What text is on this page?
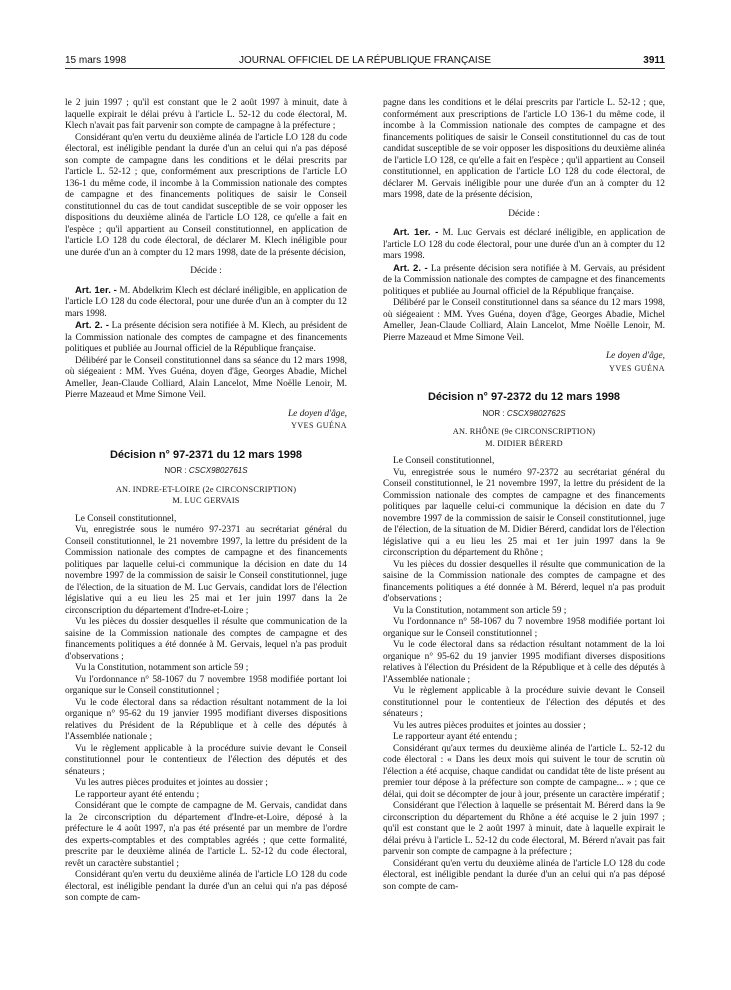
15 mars 1998	JOURNAL OFFICIEL DE LA RÉPUBLIQUE FRANÇAISE	3911

le 2 juin 1997 ; qu'il est constant que le 2 août 1997 à minuit, date à laquelle expirait le délai prévu à l'article L. 52-12 du code électoral, M. Klech n'avait pas fait parvenir son compte de campagne à la préfecture ;

Considérant qu'en vertu du deuxième alinéa de l'article LO 128 du code électoral, est inéligible pendant la durée d'un an celui qui n'a pas déposé son compte de campagne dans les conditions et le délai prescrits par l'article L. 52-12 ; que, conformément aux prescriptions de l'article LO 136-1 du même code, il incombe à la Commission nationale des comptes de campagne et des financements politiques de saisir le Conseil constitutionnel du cas de tout candidat susceptible de se voir opposer les dispositions du deuxième alinéa de l'article LO 128, ce qu'elle a fait en l'espèce ; qu'il appartient au Conseil constitutionnel, en application de l'article LO 128 du code électoral, de déclarer M. Klech inéligible pour une durée d'un an à compter du 12 mars 1998, date de la présente décision,

Décide :

Art. 1er. - M. Abdelkrim Klech est déclaré inéligible, en application de l'article LO 128 du code électoral, pour une durée d'un an à compter du 12 mars 1998.

Art. 2. - La présente décision sera notifiée à M. Klech, au président de la Commission nationale des comptes de campagne et des financements politiques et publiée au Journal officiel de la République française.

Délibéré par le Conseil constitutionnel dans sa séance du 12 mars 1998, où siégeaient : MM. Yves Guéna, doyen d'âge, Georges Abadie, Michel Ameller, Jean-Claude Colliard, Alain Lancelot, Mme Noëlle Lenoir, M. Pierre Mazeaud et Mme Simone Veil.

Le doyen d'âge,
YVES GUÉNA

Décision n° 97-2371 du 12 mars 1998

NOR : CSCX9802761S

AN. INDRE-ET-LOIRE (2e CIRCONSCRIPTION)

M. LUC GERVAIS

Le Conseil constitutionnel,

Vu, enregistrée sous le numéro 97-2371 au secrétariat général du Conseil constitutionnel, le 21 novembre 1997, la lettre du président de la Commission nationale des comptes de campagne et des financements politiques par laquelle celui-ci communique la décision en date du 14 novembre 1997 de la commission de saisir le Conseil constitutionnel, juge de l'élection, de la situation de M. Luc Gervais, candidat lors de l'élection législative qui a eu lieu les 25 mai et 1er juin 1997 dans la 2e circonscription du département d'Indre-et-Loire ;

Vu les pièces du dossier desquelles il résulte que communication de la saisine de la Commission nationale des comptes de campagne et des financements politiques a été donnée à M. Gervais, lequel n'a pas produit d'observations ;

Vu la Constitution, notamment son article 59 ;

Vu l'ordonnance n° 58-1067 du 7 novembre 1958 modifiée portant loi organique sur le Conseil constitutionnel ;

Vu le code électoral dans sa rédaction résultant notamment de la loi organique n° 95-62 du 19 janvier 1995 modifiant diverses dispositions relatives du Président de la République et à celle des députés à l'Assemblée nationale ;

Vu le règlement applicable à la procédure suivie devant le Conseil constitutionnel pour le contentieux de l'élection des députés et des sénateurs ;

Vu les autres pièces produites et jointes au dossier ;

Le rapporteur ayant été entendu ;

Considérant que le compte de campagne de M. Gervais, candidat dans la 2e circonscription du département d'Indre-et-Loire, déposé à la préfecture le 4 août 1997, n'a pas été présenté par un membre de l'ordre des experts-comptables et des comptables agréés ; que cette formalité, prescrite par le deuxième alinéa de l'article L. 52-12 du code électoral, revêt un caractère substantiel ;

Considérant qu'en vertu du deuxième alinéa de l'article LO 128 du code électoral, est inéligible pendant la durée d'un an celui qui n'a pas déposé son compte de cam-

pagne dans les conditions et le délai prescrits par l'article L. 52-12 ; que, conformément aux prescriptions de l'article LO 136-1 du même code, il incombe à la Commission nationale des comptes de campagne et des financements politiques de saisir le Conseil constitutionnel du cas de tout candidat susceptible de se voir opposer les dispositions du deuxième alinéa de l'article LO 128, ce qu'elle a fait en l'espèce ; qu'il appartient au Conseil constitutionnel, en application de l'article LO 128 du code électoral, de déclarer M. Gervais inéligible pour une durée d'un an à compter du 12 mars 1998, date de la présente décision,

Décide :

Art. 1er. - M. Luc Gervais est déclaré inéligible, en application de l'article LO 128 du code électoral, pour une durée d'un an à compter du 12 mars 1998.

Art. 2. - La présente décision sera notifiée à M. Gervais, au président de la Commission nationale des comptes de campagne et des financements politiques et publiée au Journal officiel de la République française.

Délibéré par le Conseil constitutionnel dans sa séance du 12 mars 1998, où siégeaient : MM. Yves Guéna, doyen d'âge, Georges Abadie, Michel Ameller, Jean-Claude Colliard, Alain Lancelot, Mme Noëlle Lenoir, M. Pierre Mazeaud et Mme Simone Veil.

Le doyen d'âge,
YVES GUÉNA

Décision n° 97-2372 du 12 mars 1998

NOR : CSCX9802762S

AN. RHÔNE (9e CIRCONSCRIPTION)

M. DIDIER BÉRERD

Le Conseil constitutionnel,

Vu, enregistrée sous le numéro 97-2372 au secrétariat général du Conseil constitutionnel, le 21 novembre 1997, la lettre du président de la Commission nationale des comptes de campagne et des financements politiques par laquelle celui-ci communique la décision en date du 7 novembre 1997 de la commission de saisir le Conseil constitutionnel, juge de l'élection, de la situation de M. Didier Bérerd, candidat lors de l'élection législative qui a eu lieu les 25 mai et 1er juin 1997 dans la 9e circonscription du département du Rhône ;

Vu les pièces du dossier desquelles il résulte que communication de la saisine de la Commission nationale des comptes de campagne et des financements politiques a été donnée à M. Bérerd, lequel n'a pas produit d'observations ;

Vu la Constitution, notamment son article 59 ;

Vu l'ordonnance n° 58-1067 du 7 novembre 1958 modifiée portant loi organique sur le Conseil constitutionnel ;

Vu le code électoral dans sa rédaction résultant notamment de la loi organique n° 95-62 du 19 janvier 1995 modifiant diverses dispositions relatives à l'élection du Président de la République et à celle des députés à l'Assemblée nationale ;

Vu le règlement applicable à la procédure suivie devant le Conseil constitutionnel pour le contentieux de l'élection des députés et des sénateurs ;

Vu les autres pièces produites et jointes au dossier ;

Le rapporteur ayant été entendu ;

Considérant qu'aux termes du deuxième alinéa de l'article L. 52-12 du code électoral : « Dans les deux mois qui suivent le tour de scrutin où l'élection a été acquise, chaque candidat ou candidat tête de liste présent au premier tour dépose à la préfecture son compte de campagne... » ; que ce délai, qui doit se décompter de jour à jour, présente un caractère impératif ;

Considérant que l'élection à laquelle se présentait M. Bérerd dans la 9e circonscription du département du Rhône a été acquise le 2 juin 1997 ; qu'il est constant que le 2 août 1997 à minuit, date à laquelle expirait le délai prévu à l'article L. 52-12 du code électoral, M. Bérerd n'avait pas fait parvenir son compte de campagne à la préfecture ;

Considérant qu'en vertu du deuxième alinéa de l'article LO 128 du code électoral, est inéligible pendant la durée d'un an celui qui n'a pas déposé son compte de cam-
